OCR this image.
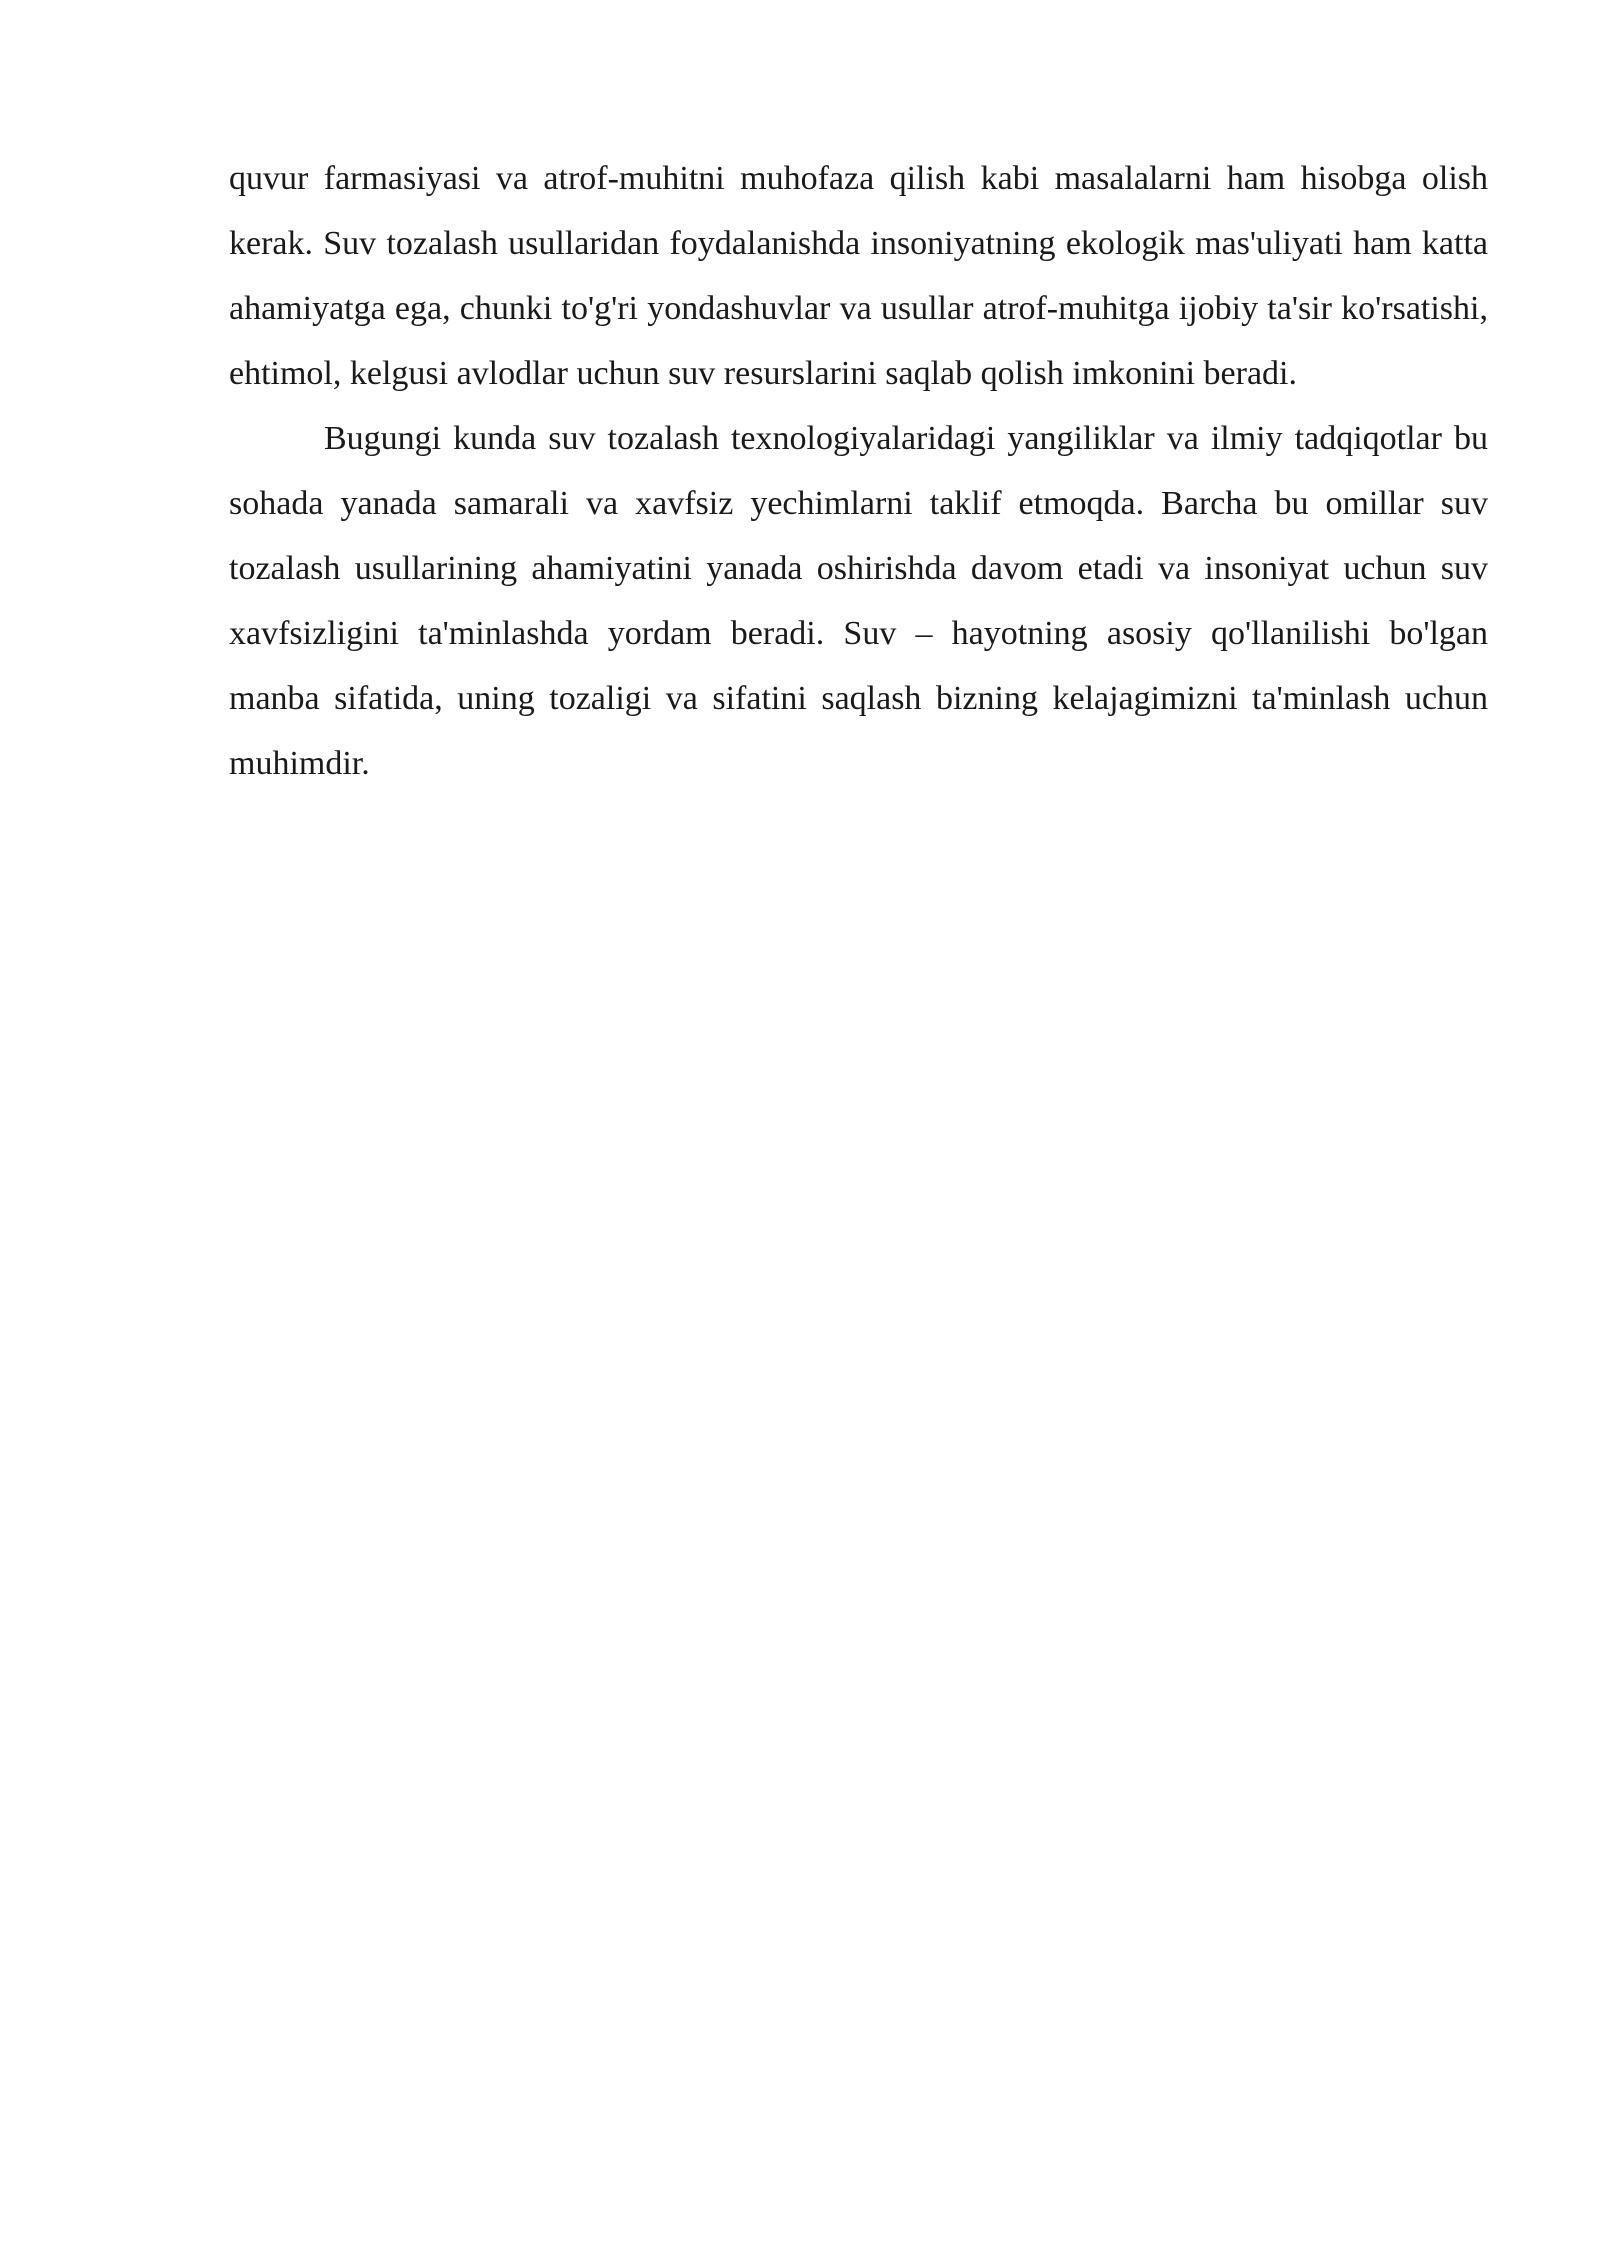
quvur farmasiyasi va atrof-muhitni muhofaza qilish kabi masalalarni ham hisobga olish kerak. Suv tozalash usullaridan foydalanishda insoniyatning ekologik mas'uliyati ham katta ahamiyatga ega, chunki to'g'ri yondashuvlar va usullar atrof-muhitga ijobiy ta'sir ko'rsatishi, ehtimol, kelgusi avlodlar uchun suv resurslarini saqlab qolish imkonini beradi.

Bugungi kunda suv tozalash texnologiyalaridagi yangiliklar va ilmiy tadqiqotlar bu sohada yanada samarali va xavfsiz yechimlarni taklif etmoqda. Barcha bu omillar suv tozalash usullarining ahamiyatini yanada oshirishda davom etadi va insoniyat uchun suv xavfsizligini ta'minlashda yordam beradi. Suv – hayotning asosiy qo'llanilishi bo'lgan manba sifatida, uning tozaligi va sifatini saqlash bizning kelajagimizni ta'minlash uchun muhimdir.
